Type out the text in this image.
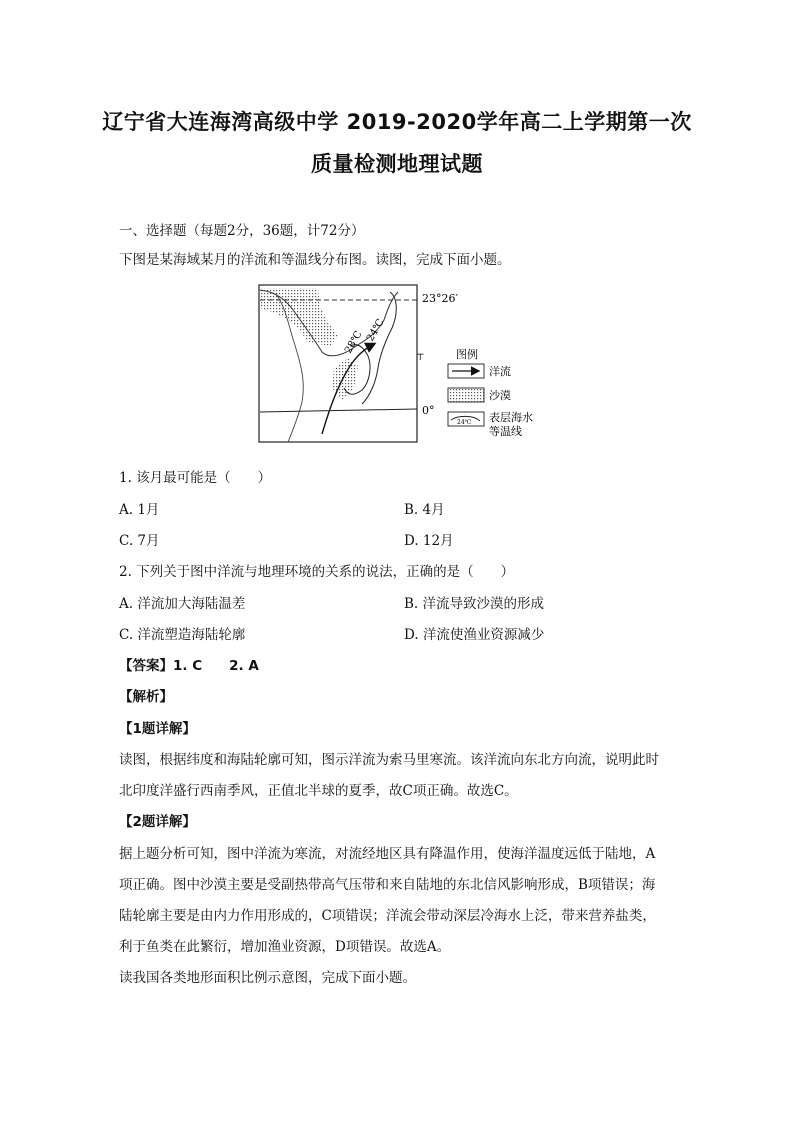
辽宁省大连海湾高级中学 2019-2020学年高二上学期第一次
质量检测地理试题
一、选择题（每题2分，36题，计72分）
下图是某海域某月的洋流和等温线分布图。读图，完成下面小题。
28℃ 24℃
23°26′
0°
⊤	图例
洋流
沙漠
24℃ 表层海水
等温线
1. 该月最可能是（　　）
A. 1月	B. 4月
C. 7月	D. 12月
2. 下列关于图中洋流与地理环境的关系的说法，正确的是（　　）
A. 洋流加大海陆温差	B. 洋流导致沙漠的形成
C. 洋流塑造海陆轮廓	D. 洋流使渔业资源减少
【答案】1. C　　2. A
【解析】
【1题详解】
读图，根据纬度和海陆轮廓可知，图示洋流为索马里寒流。该洋流向东北方向流，说明此时
北印度洋盛行西南季风，正值北半球的夏季，故C项正确。故选C。
【2题详解】
据上题分析可知，图中洋流为寒流，对流经地区具有降温作用，使海洋温度远低于陆地，A
项正确。图中沙漠主要是受副热带高气压带和来自陆地的东北信风影响形成，B项错误；海
陆轮廓主要是由内力作用形成的，C项错误；洋流会带动深层冷海水上泛，带来营养盐类，
利于鱼类在此繁衍，增加渔业资源，D项错误。故选A。
读我国各类地形面积比例示意图，完成下面小题。
